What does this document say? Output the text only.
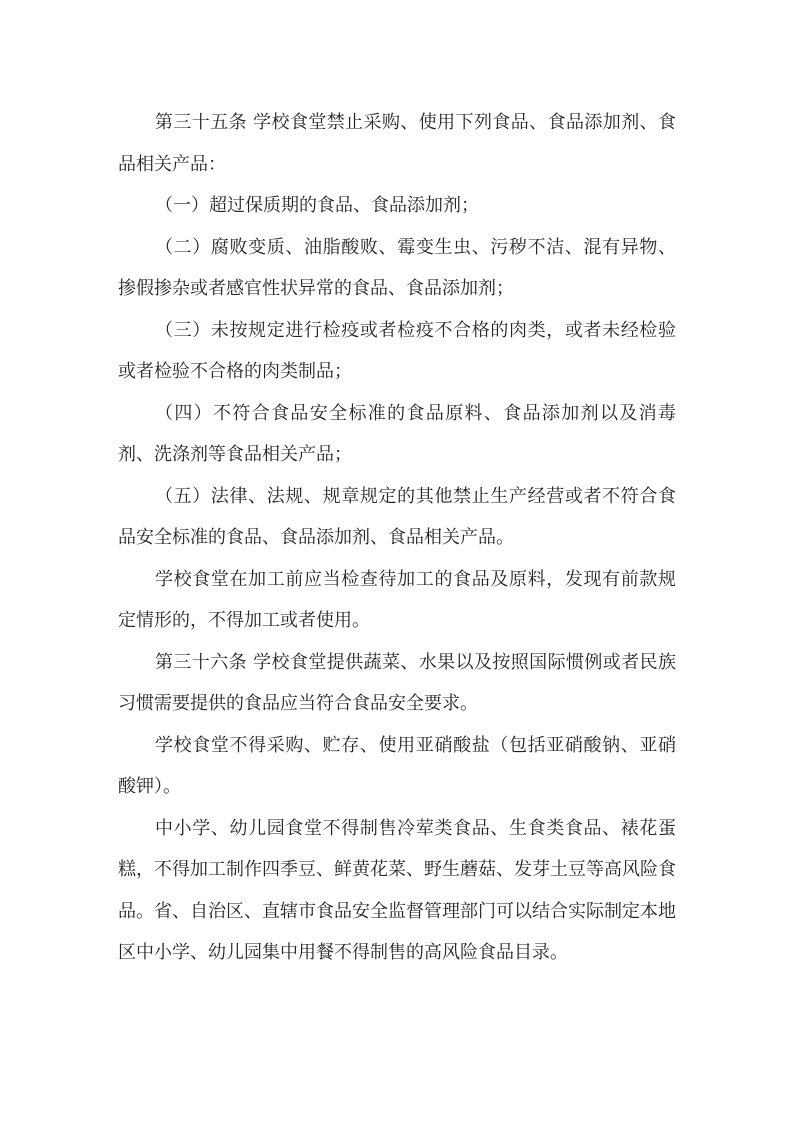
第三十五条 学校食堂禁止采购、使用下列食品、食品添加剂、食品相关产品：

（一）超过保质期的食品、食品添加剂；

（二）腐败变质、油脂酸败、霉变生虫、污秽不洁、混有异物、掺假掺杂或者感官性状异常的食品、食品添加剂；

（三）未按规定进行检疫或者检疫不合格的肉类，或者未经检验或者检验不合格的肉类制品；

（四）不符合食品安全标准的食品原料、食品添加剂以及消毒剂、洗涤剂等食品相关产品；

（五）法律、法规、规章规定的其他禁止生产经营或者不符合食品安全标准的食品、食品添加剂、食品相关产品。

学校食堂在加工前应当检查待加工的食品及原料，发现有前款规定情形的，不得加工或者使用。

第三十六条 学校食堂提供蔬菜、水果以及按照国际惯例或者民族习惯需要提供的食品应当符合食品安全要求。

学校食堂不得采购、贮存、使用亚硝酸盐（包括亚硝酸钠、亚硝酸钾）。

中小学、幼儿园食堂不得制售冷荤类食品、生食类食品、裱花蛋糕，不得加工制作四季豆、鲜黄花菜、野生蘑菇、发芽土豆等高风险食品。省、自治区、直辖市食品安全监督管理部门可以结合实际制定本地区中小学、幼儿园集中用餐不得制售的高风险食品目录。
